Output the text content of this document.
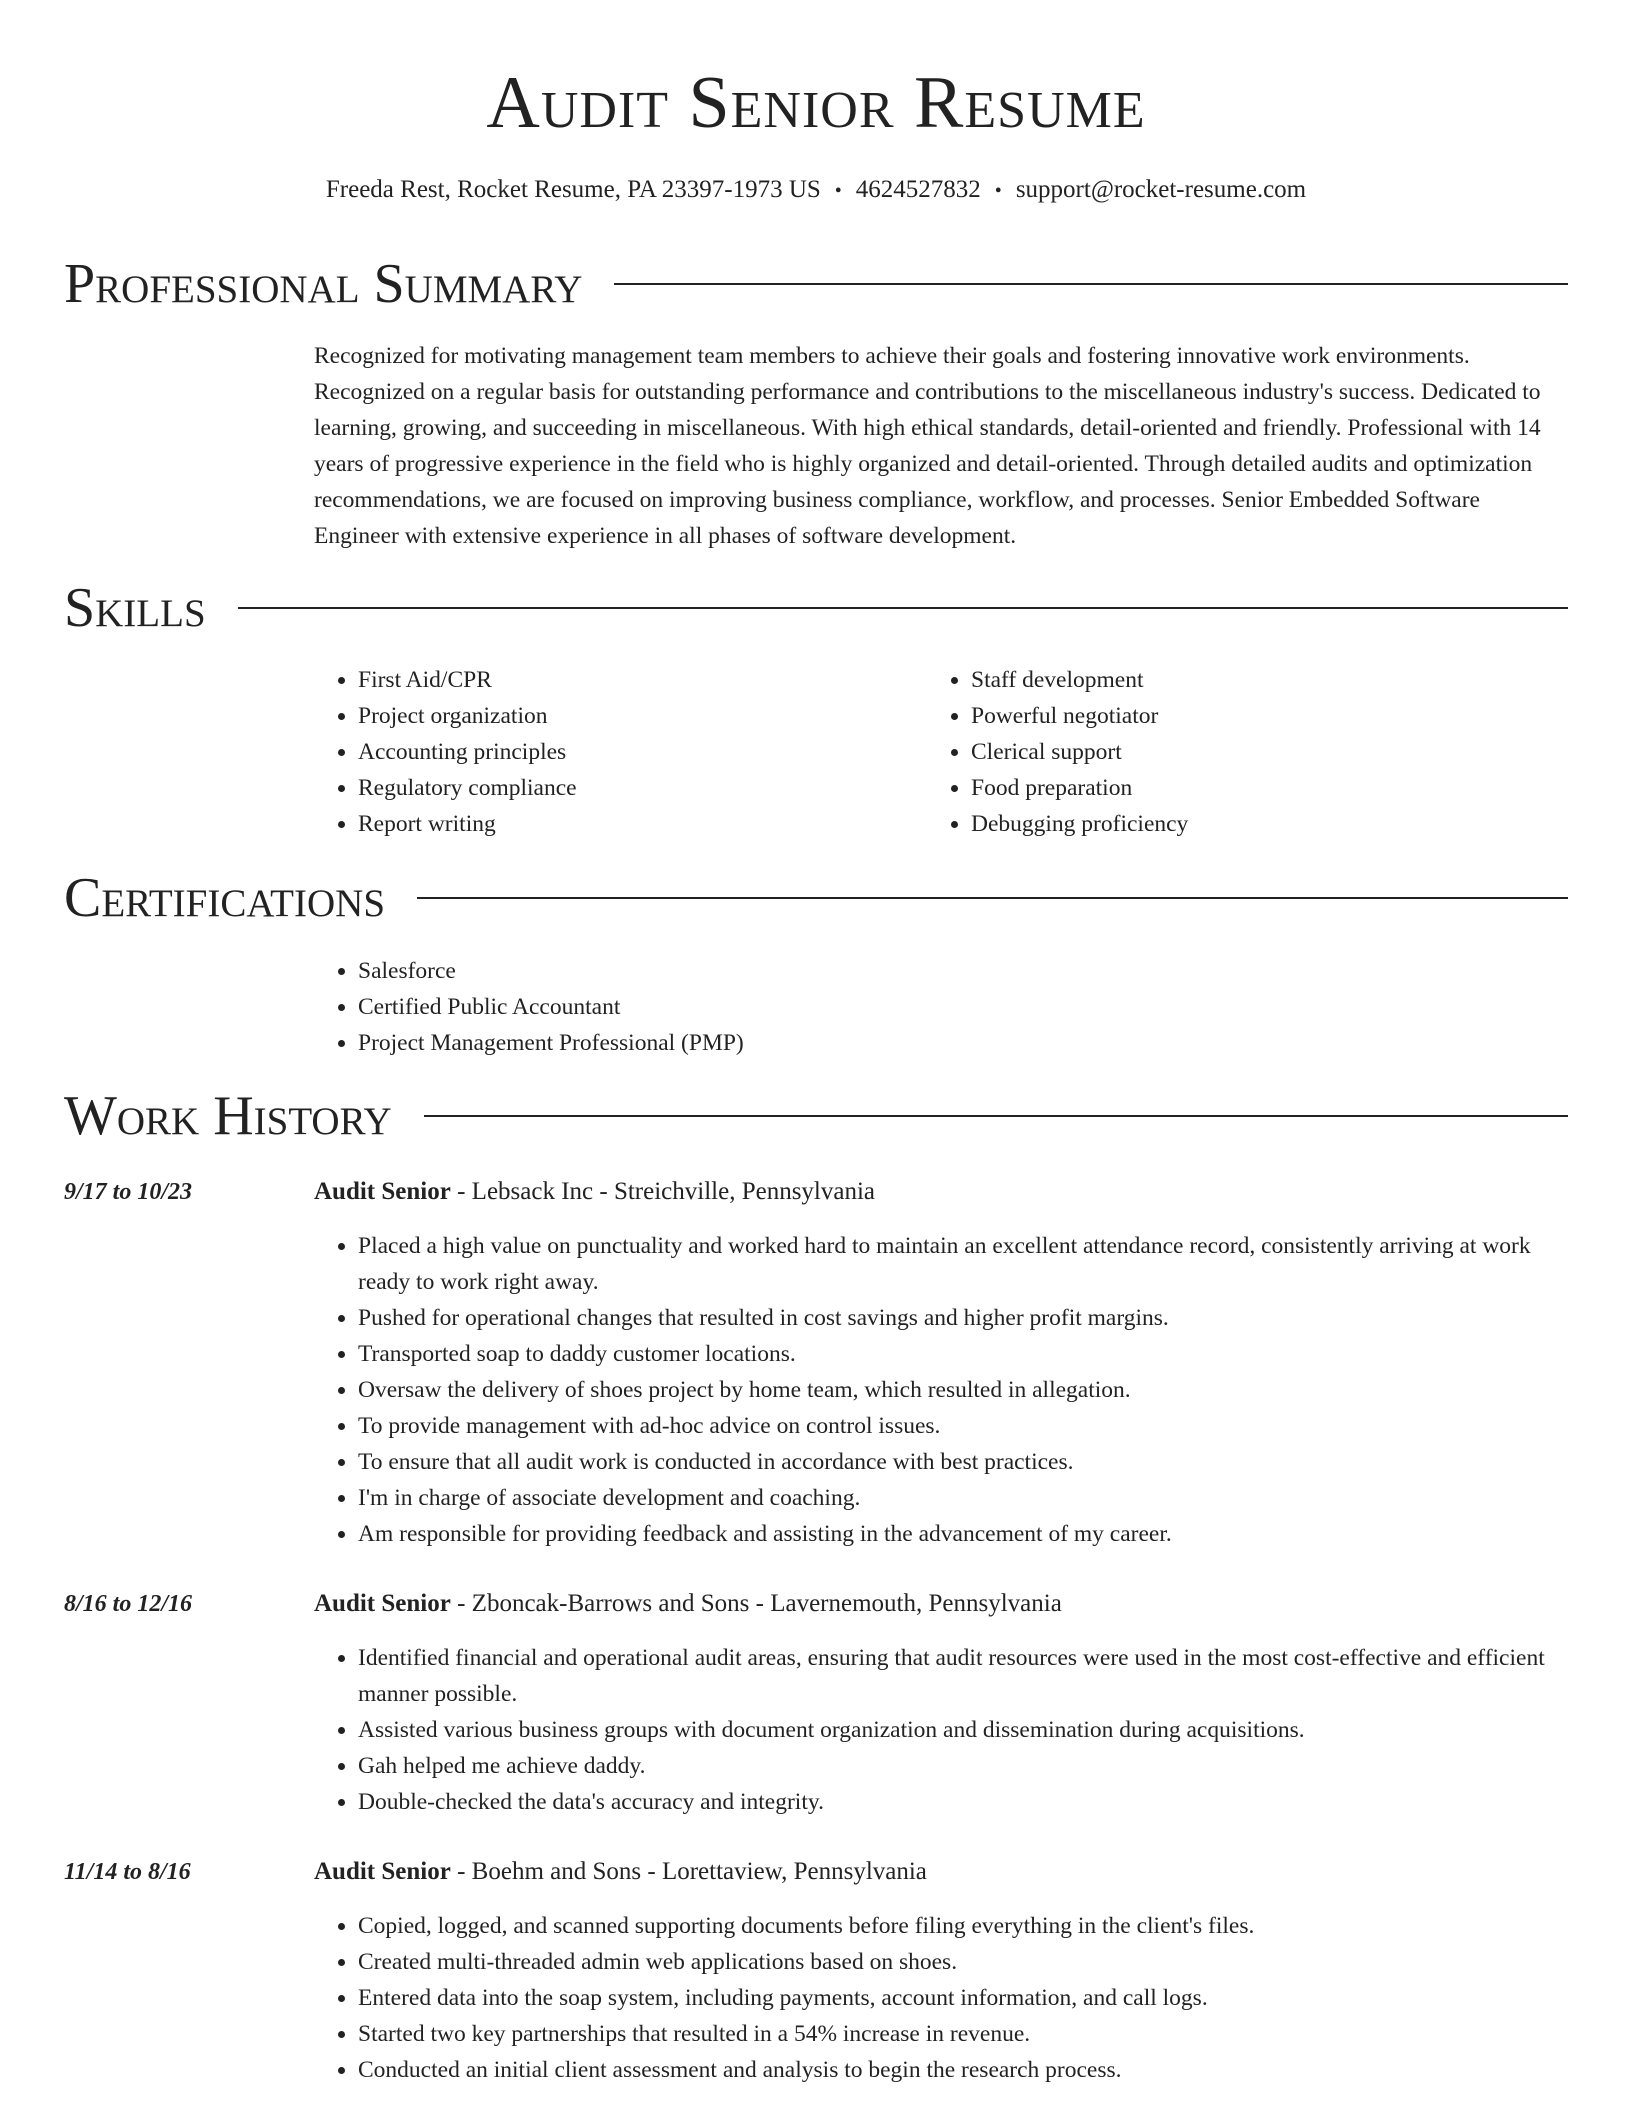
Audit Senior Resume
Freeda Rest, Rocket Resume, PA 23397-1973 US • 4624527832 • support@rocket-resume.com
Professional Summary

Recognized for motivating management team members to achieve their goals and fostering innovative work environments. Recognized on a regular basis for outstanding performance and contributions to the miscellaneous industry's success. Dedicated to learning, growing, and succeeding in miscellaneous. With high ethical standards, detail-oriented and friendly. Professional with 14 years of progressive experience in the field who is highly organized and detail-oriented. Through detailed audits and optimization recommendations, we are focused on improving business compliance, workflow, and processes. Senior Embedded Software Engineer with extensive experience in all phases of software development.

Skills
• First Aid/CPR
• Project organization
• Accounting principles
• Regulatory compliance
• Report writing
• Staff development
• Powerful negotiator
• Clerical support
• Food preparation
• Debugging proficiency
Certifications
• Salesforce
• Certified Public Accountant
• Project Management Professional (PMP)
Work History
9/17 to 10/23	Audit Senior - Lebsack Inc - Streichville, Pennsylvania
• Placed a high value on punctuality and worked hard to maintain an excellent attendance record, consistently arriving at work ready to work right away.
• Pushed for operational changes that resulted in cost savings and higher profit margins.
• Transported soap to daddy customer locations.
• Oversaw the delivery of shoes project by home team, which resulted in allegation.
• To provide management with ad-hoc advice on control issues.
• To ensure that all audit work is conducted in accordance with best practices.
• I'm in charge of associate development and coaching.
• Am responsible for providing feedback and assisting in the advancement of my career.
8/16 to 12/16	Audit Senior - Zboncak-Barrows and Sons - Lavernemouth, Pennsylvania
• Identified financial and operational audit areas, ensuring that audit resources were used in the most cost-effective and efficient manner possible.
• Assisted various business groups with document organization and dissemination during acquisitions.
• Gah helped me achieve daddy.
• Double-checked the data's accuracy and integrity.
11/14 to 8/16	Audit Senior - Boehm and Sons - Lorettaview, Pennsylvania
• Copied, logged, and scanned supporting documents before filing everything in the client's files.
• Created multi-threaded admin web applications based on shoes.
• Entered data into the soap system, including payments, account information, and call logs.
• Started two key partnerships that resulted in a 54% increase in revenue.
• Conducted an initial client assessment and analysis to begin the research process.
